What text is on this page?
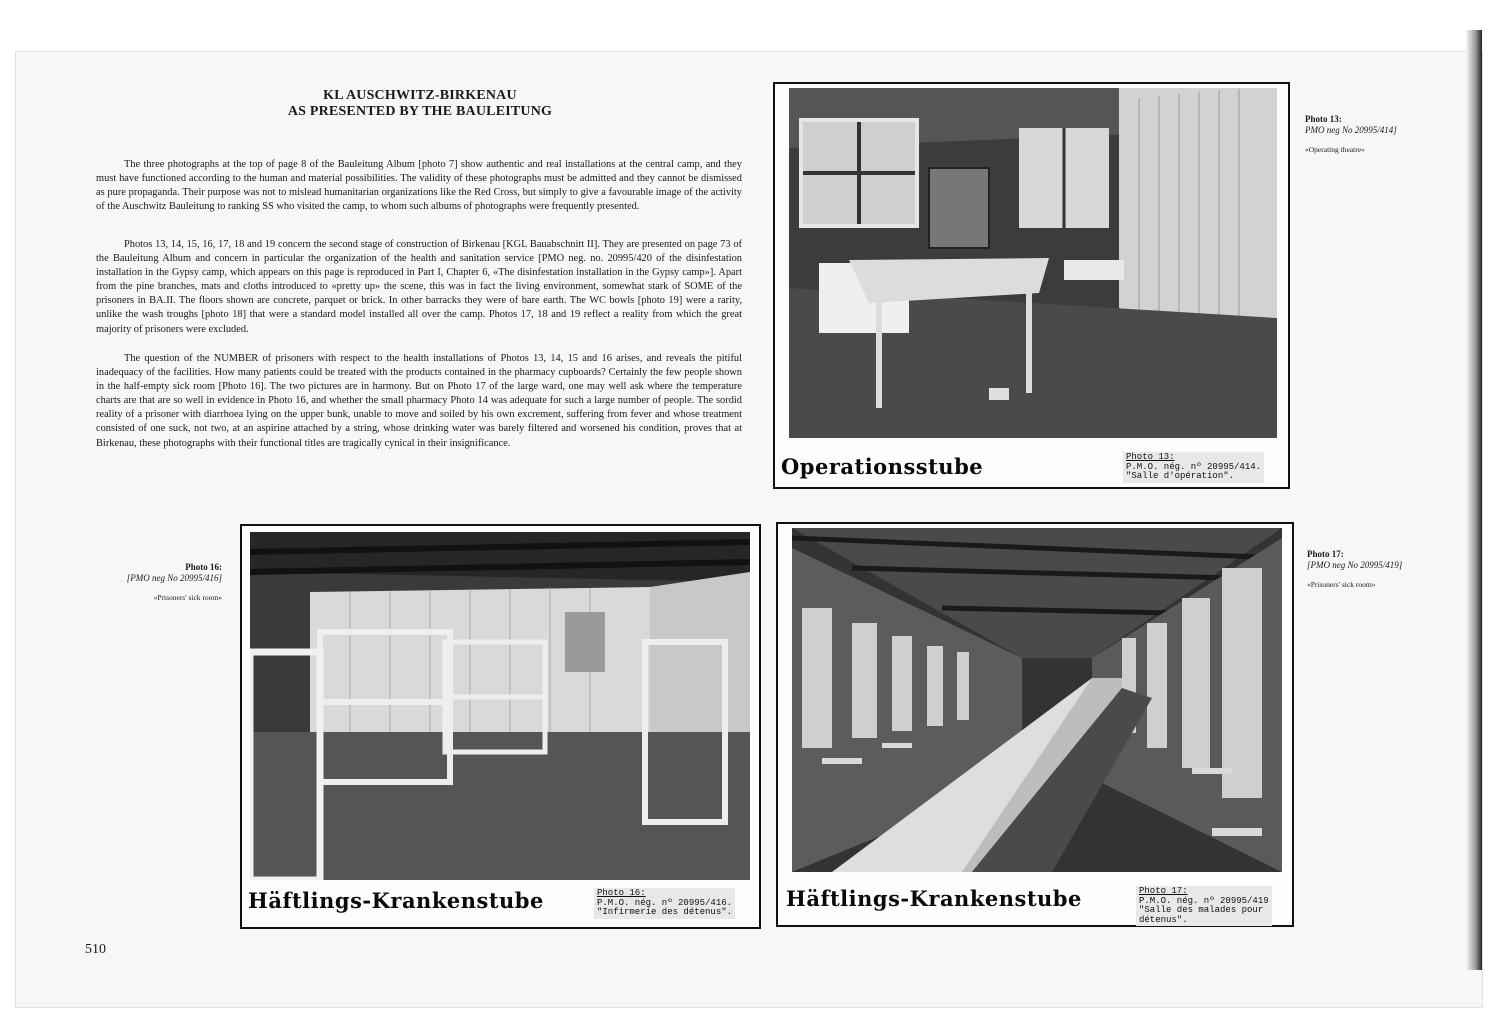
KL AUSCHWITZ-BIRKENAU
AS PRESENTED BY THE BAULEITUNG

The three photographs at the top of page 8 of the Bauleitung Album [photo 7] show authentic and real installations at the central camp, and they must have functioned according to the human and material possibilities. The validity of these photographs must be admitted and they cannot be dismissed as pure propaganda. Their purpose was not to mislead humanitarian organizations like the Red Cross, but simply to give a favourable image of the activity of the Auschwitz Bauleitung to ranking SS who visited the camp, to whom such albums of photographs were frequently presented.

Photos 13, 14, 15, 16, 17, 18 and 19 concern the second stage of construction of Birkenau [KGL Bauabschnitt II]. They are presented on page 73 of the Bauleitung Album and concern in particular the organization of the health and sanitation service [PMO neg. no. 20995/420 of the disinfestation installation in the Gypsy camp, which appears on this page is reproduced in Part I, Chapter 6, «The disinfestation installation in the Gypsy camp»]. Apart from the pine branches, mats and cloths introduced to «pretty up» the scene, this was in fact the living environment, somewhat stark of SOME of the prisoners in BA.II. The floors shown are concrete, parquet or brick. In other barracks they were of bare earth. The WC bowls [photo 19] were a rarity, unlike the wash troughs [photo 18] that were a standard model installed all over the camp. Photos 17, 18 and 19 reflect a reality from which the great majority of prisoners were excluded.

The question of the NUMBER of prisoners with respect to the health installations of Photos 13, 14, 15 and 16 arises, and reveals the pitiful inadequacy of the facilities. How many patients could be treated with the products contained in the pharmacy cupboards? Certainly the few people shown in the half-empty sick room [Photo 16]. The two pictures are in harmony. But on Photo 17 of the large ward, one may well ask where the temperature charts are that are so well in evidence in Photo 16, and whether the small pharmacy Photo 14 was adequate for such a large number of people. The sordid reality of a prisoner with diarrhoea lying on the upper bunk, unable to move and soiled by his own excrement, suffering from fever and whose treatment consisted of one suck, not two, at an aspirine attached by a string, whose drinking water was barely filtered and worsened his condition, proves that at Birkenau, these photographs with their functional titles are tragically cynical in their insignificance.

Operationsstube	Photo 13:
P.M.O. nég. nº 20995/414.
"Salle d'opération".
Photo 13:
PMO neg No 20995/414]
«Operating theatre»
Häftlings-Krankenstube	Photo 16:
P.M.O. nég. nº 20995/416.
"Infirmerie des détenus".
Photo 16:
[PMO neg No 20995/416]
«Prisoners' sick room»
Häftlings-Krankenstube	Photo 17:
P.M.O. nég. nº 20995/419
"Salle des malades pour
détenus".
Photo 17:
[PMO neg No 20995/419]
«Prisoners' sick room»
510
